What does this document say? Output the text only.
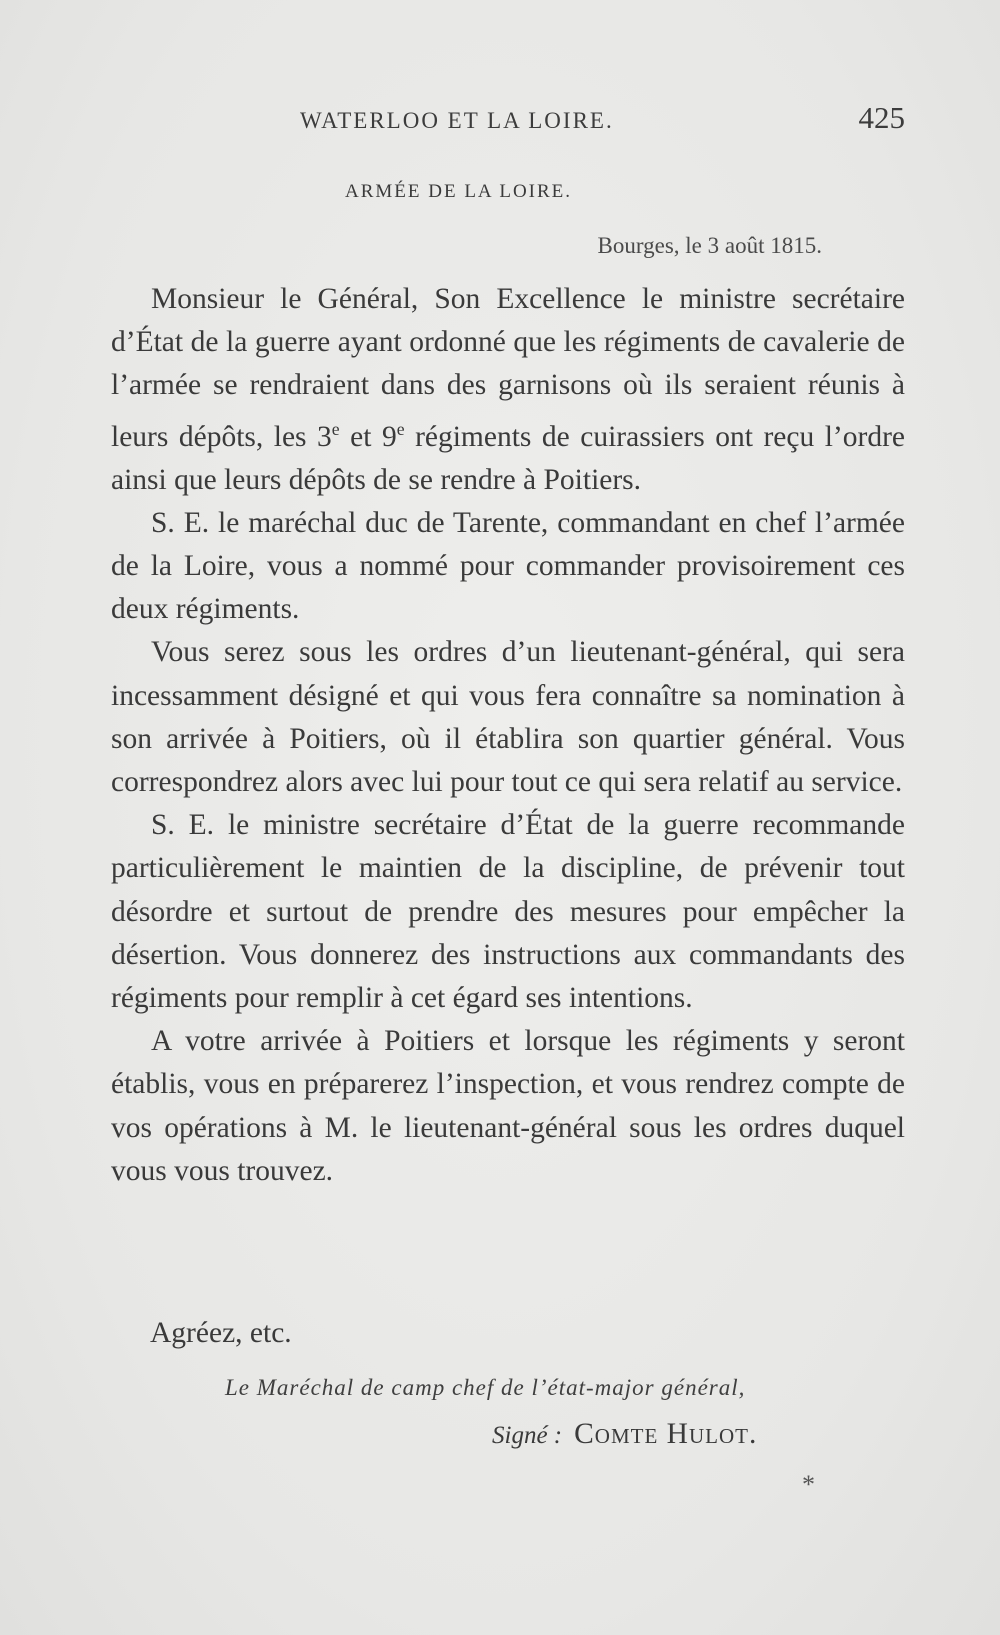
WATERLOO ET LA LOIRE.	425
ARMÉE DE LA LOIRE.
Bourges, le 3 août 1815.

Monsieur le Général, Son Excellence le ministre secrétaire d’État de la guerre ayant ordonné que les régiments de cavalerie de l’armée se rendraient dans des garnisons où ils seraient réunis à leurs dépôts, les 3e et 9e régiments de cuirassiers ont reçu l’ordre ainsi que leurs dépôts de se rendre à Poitiers.

S. E. le maréchal duc de Tarente, commandant en chef l’armée de la Loire, vous a nommé pour commander provisoirement ces deux régiments.

Vous serez sous les ordres d’un lieutenant-général, qui sera incessamment désigné et qui vous fera connaître sa nomination à son arrivée à Poitiers, où il établira son quartier général. Vous correspondrez alors avec lui pour tout ce qui sera relatif au service.

S. E. le ministre secrétaire d’État de la guerre recommande particulièrement le maintien de la discipline, de prévenir tout désordre et surtout de prendre des mesures pour empêcher la désertion. Vous donnerez des instructions aux commandants des régiments pour remplir à cet égard ses intentions.

A votre arrivée à Poitiers et lorsque les régiments y seront établis, vous en préparerez l’inspection, et vous rendrez compte de vos opérations à M. le lieutenant-général sous les ordres duquel vous vous trouvez.

Agréez, etc.
Le Maréchal de camp chef de l’état-major général,
Signé : Comte Hulot.
*
